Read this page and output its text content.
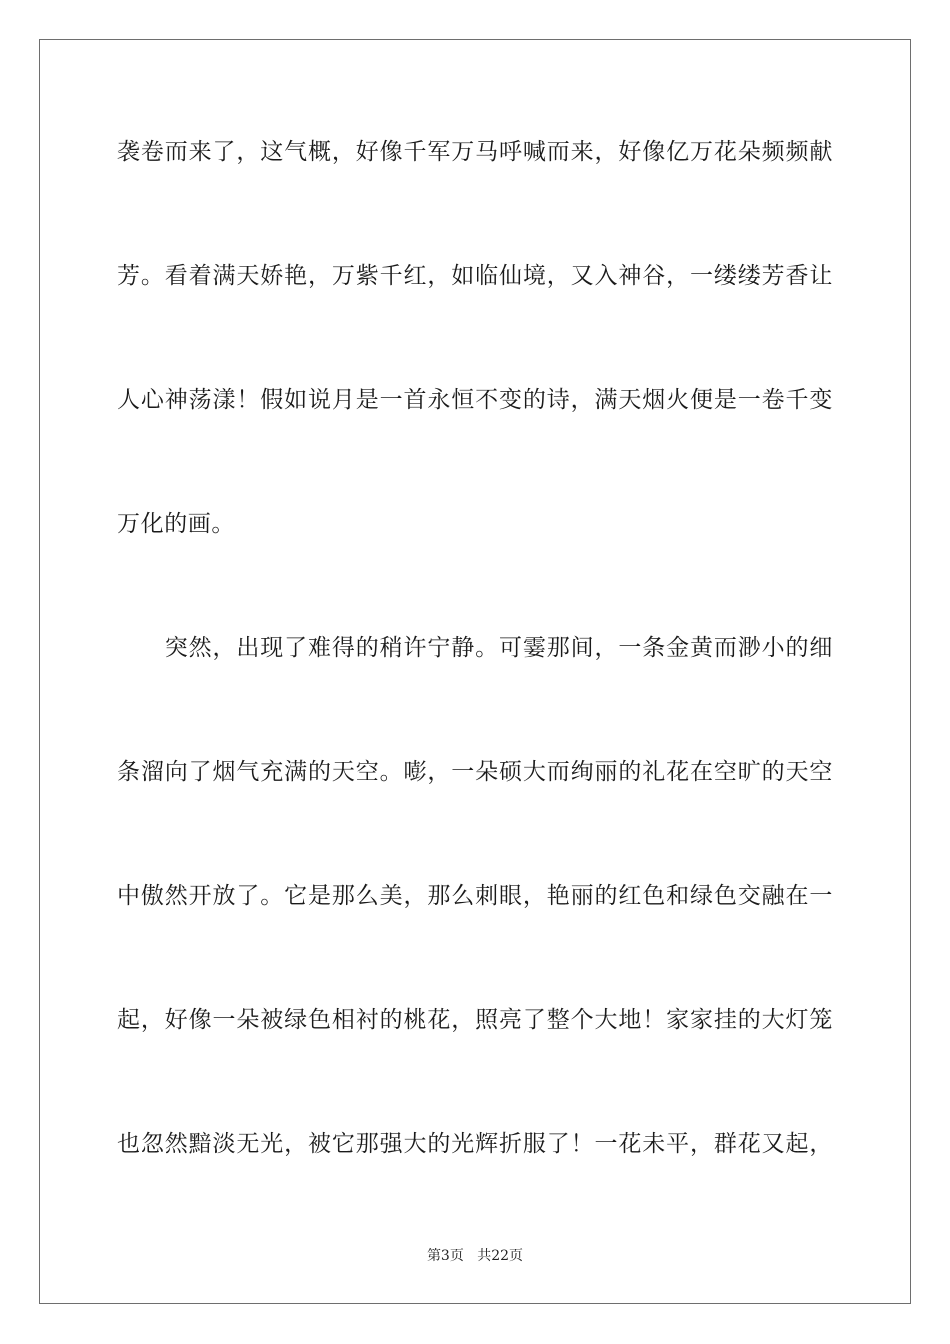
袭卷而来了，这气概，好像千军万马呼喊而来，好像亿万花朵频频献
芳。看着满天娇艳，万紫千红，如临仙境，又入神谷，一缕缕芳香让
人心神荡漾！假如说月是一首永恒不变的诗，满天烟火便是一卷千变
万化的画。
　　突然，出现了难得的稍许宁静。可霎那间，一条金黄而渺小的细
条溜向了烟气充满的天空。嘭，一朵硕大而绚丽的礼花在空旷的天空
中傲然开放了。它是那么美，那么刺眼，艳丽的红色和绿色交融在一
起，好像一朵被绿色相衬的桃花，照亮了整个大地！家家挂的大灯笼
也忽然黯淡无光，被它那强大的光辉折服了！一花未平，群花又起，
第3页 共22页
